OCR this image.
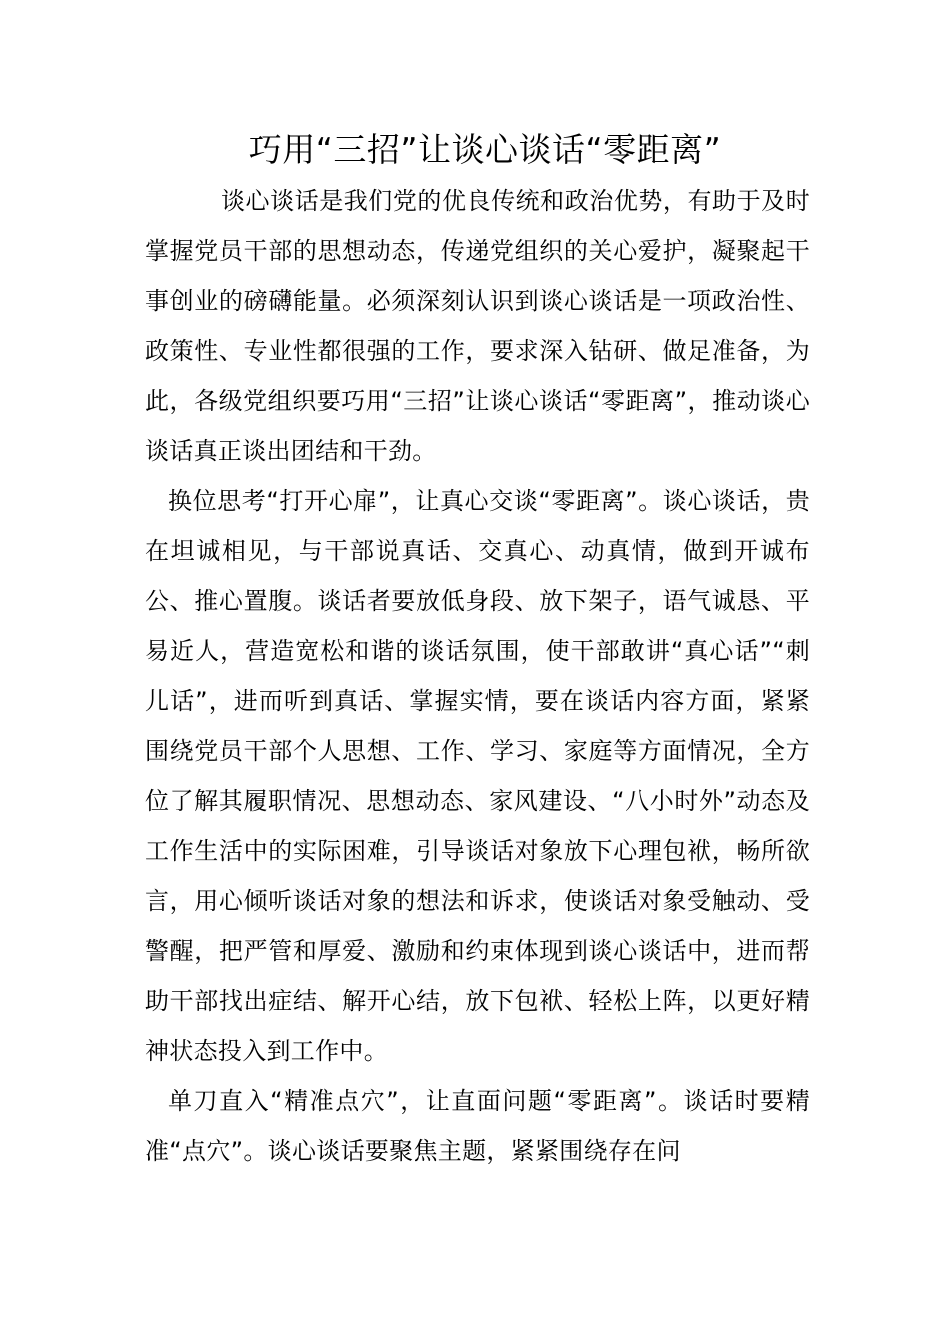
巧用“三招”让谈心谈话“零距离”

谈心谈话是我们党的优良传统和政治优势，有助于及时掌握党员干部的思想动态，传递党组织的关心爱护，凝聚起干事创业的磅礴能量。必须深刻认识到谈心谈话是一项政治性、政策性、专业性都很强的工作，要求深入钻研、做足准备，为此，各级党组织要巧用“三招”让谈心谈话“零距离”，推动谈心谈话真正谈出团结和干劲。

换位思考“打开心扉”，让真心交谈“零距离”。谈心谈话，贵在坦诚相见，与干部说真话、交真心、动真情，做到开诚布公、推心置腹。谈话者要放低身段、放下架子，语气诚恳、平易近人，营造宽松和谐的谈话氛围，使干部敢讲“真心话”“刺儿话”，进而听到真话、掌握实情，要在谈话内容方面，紧紧围绕党员干部个人思想、工作、学习、家庭等方面情况，全方位了解其履职情况、思想动态、家风建设、“八小时外”动态及工作生活中的实际困难，引导谈话对象放下心理包袱，畅所欲言，用心倾听谈话对象的想法和诉求，使谈话对象受触动、受警醒，把严管和厚爱、激励和约束体现到谈心谈话中，进而帮助干部找出症结、解开心结，放下包袱、轻松上阵，以更好精神状态投入到工作中。

单刀直入“精准点穴”，让直面问题“零距离”。谈话时要精准“点穴”。谈心谈话要聚焦主题，紧紧围绕存在问
